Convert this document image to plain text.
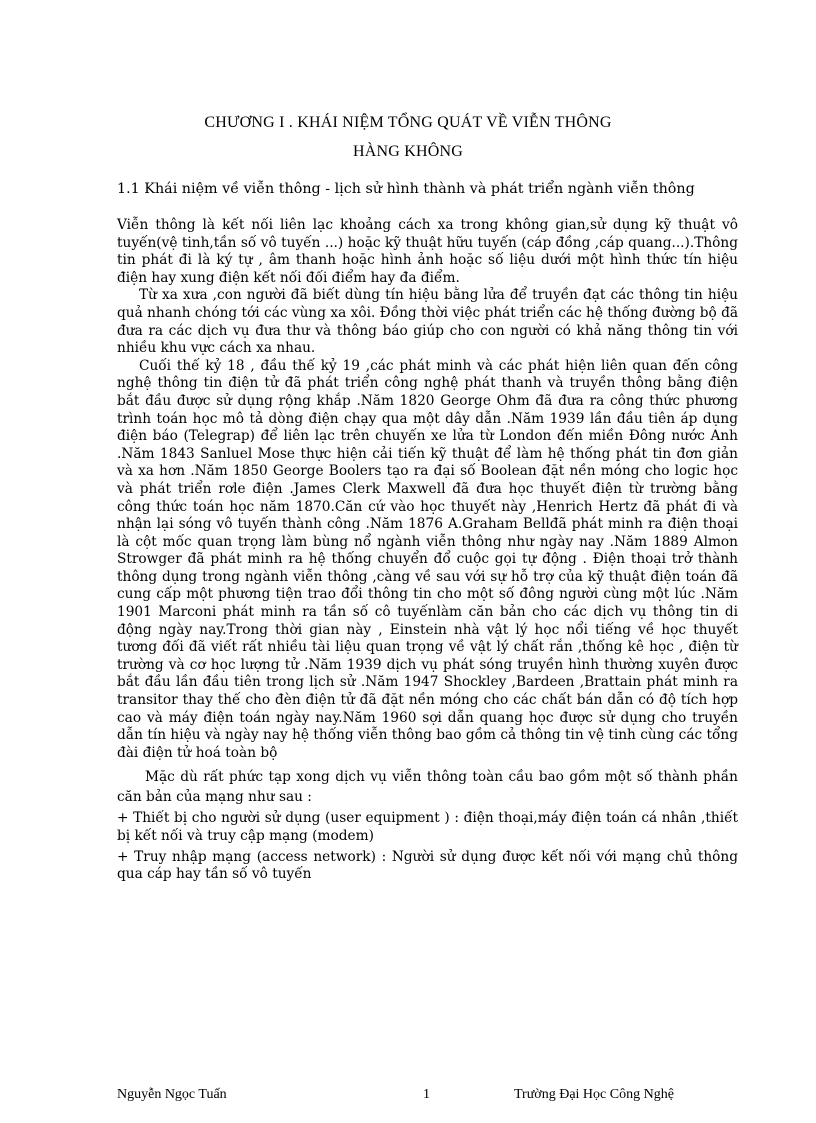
CHƯƠNG I . KHÁI NIỆM TỔNG QUÁT VỀ VIỄN THÔNG
HÀNG KHÔNG
1.1 Khái niệm về viễn thông - lịch sử hình thành và phát triển ngành viễn thông

Viễn thông là kết nối liên lạc khoảng cách xa trong không gian,sử dụng kỹ thuật vô tuyến(vệ tinh,tần số vô tuyến ...) hoặc kỹ thuật hữu tuyến (cáp đồng ,cáp quang...).Thông tin phát đi là ký tự , âm thanh hoặc hình ảnh hoặc số liệu dưới một hình thức tín hiệu điện hay xung điện kết nối đối điểm hay đa điểm.

Từ xa xưa ,con người đã biết dùng tín hiệu bằng lửa để truyền đạt các thông tin hiệu quả nhanh chóng tới các vùng xa xôi. Đồng thời việc phát triển các hệ thống đường bộ đã đưa ra các dịch vụ đưa thư và thông báo giúp cho con người có khả năng thông tin với nhiều khu vực cách xa nhau.

Cuối thế kỷ 18 , đầu thế kỷ 19 ,các phát minh và các phát hiện liên quan đến công nghệ thông tin điện tử đã phát triển công nghệ phát thanh và truyền thông bằng điện bắt đầu được sử dụng rộng khắp .Năm 1820 George Ohm đã đưa ra công thức phương trình toán học mô tả dòng điện chạy qua một dây dẫn .Năm 1939 lần đầu tiên áp dụng điện báo (Telegrap) để liên lạc trên chuyến xe lửa từ London đến miền Đông nước Anh .Năm 1843 Sanluel Mose thực hiện cải tiến kỹ thuật để làm hệ thống phát tin đơn giản và xa hơn .Năm 1850 George Boolers tạo ra đại số Boolean đặt nền móng cho logic học và phát triển rơle điện .James Clerk Maxwell đã đưa học thuyết điện từ trường bằng công thức toán học năm 1870.Căn cứ vào học thuyết này ,Henrich Hertz đã phát đi và nhận lại sóng vô tuyến thành công .Năm 1876 A.Graham Bellđã phát minh ra điện thoại là cột mốc quan trọng làm bùng nổ ngành viễn thông như ngày nay .Năm 1889 Almon Strowger đã phát minh ra hệ thống chuyển đổ cuộc gọi tự động . Điện thoại trở thành thông dụng trong ngành viễn thông ,càng về sau với sự hỗ trợ của kỹ thuật điện toán đã cung cấp một phương tiện trao đổi thông tin cho một số đông người cùng một lúc .Năm 1901 Marconi phát minh ra tần số cô tuyếnlàm căn bản cho các dịch vụ thông tin di động ngày nay.Trong thời gian này , Einstein nhà vật lý học nổi tiếng về học thuyết tương đối đã viết rất nhiều tài liệu quan trọng về vật lý chất rắn ,thống kê học , điện từ trường và cơ học lượng tử .Năm 1939 dịch vụ phát sóng truyền hình thường xuyên được bắt đầu lần đầu tiên trong lịch sử .Năm 1947 Shockley ,Bardeen ,Brattain phát minh ra transitor thay thế cho đèn điện tử đã đặt nền móng cho các chất bán dẫn có độ tích hợp cao và máy điện toán ngày nay.Năm 1960 sợi dẫn quang học được sử dụng cho truyền dẫn tín hiệu và ngày nay hệ thống viễn thông bao gồm cả thông tin vệ tinh cùng các tổng đài điện tử hoá toàn bộ

Mặc dù rất phức tạp xong dịch vụ viễn thông toàn cầu bao gồm một số thành phần căn bản của mạng như sau :

+ Thiết bị cho người sử dụng (user equipment ) : điện thoại,máy điện toán cá nhân ,thiết bị kết nối và truy cập mạng (modem)

+ Truy nhập mạng (access network) : Người sử dụng được kết nối với mạng chủ thông qua cáp hay tần số vô tuyến

Nguyễn Ngọc Tuấn	1	Trường Đại Học Công Nghệ
